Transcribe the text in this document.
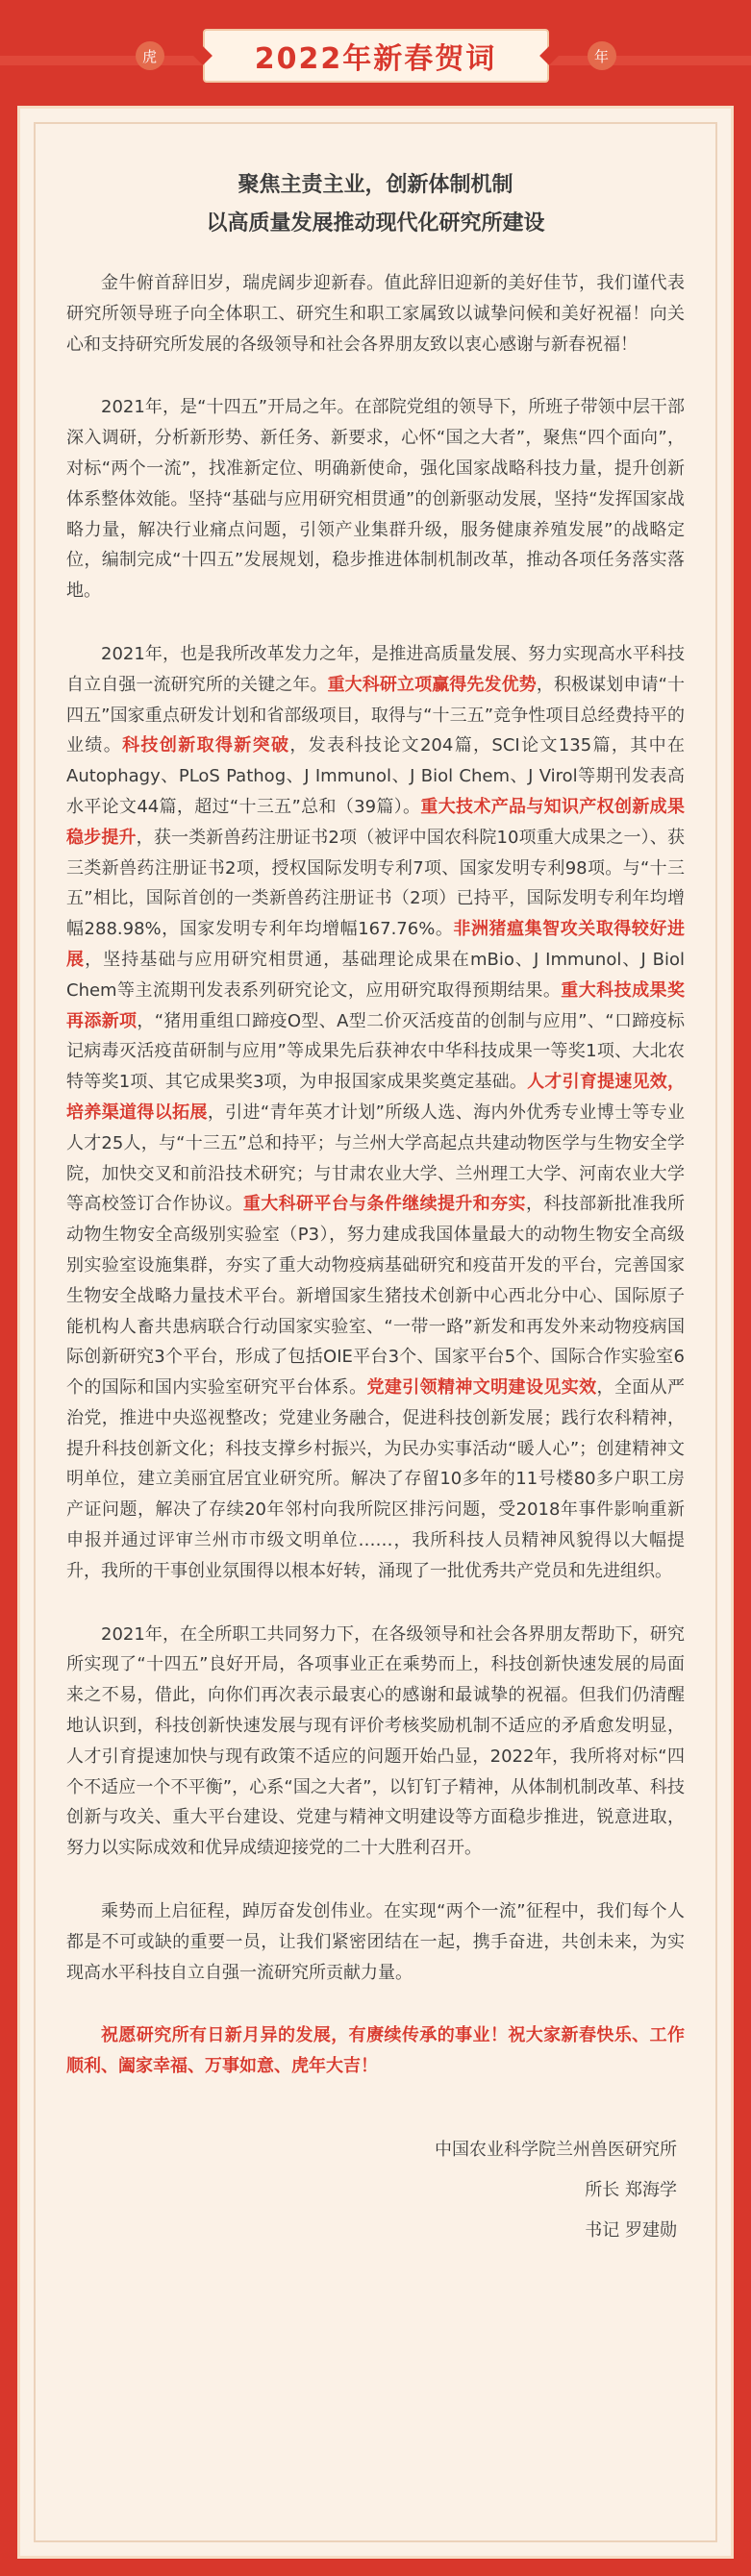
虎	2022年新春贺词	年
聚焦主责主业，创新体制机制
以高质量发展推动现代化研究所建设

金牛俯首辞旧岁，瑞虎阔步迎新春。值此辞旧迎新的美好佳节，我们谨代表研究所领导班子向全体职工、研究生和职工家属致以诚挚问候和美好祝福！向关心和支持研究所发展的各级领导和社会各界朋友致以衷心感谢与新春祝福！

2021年，是“十四五”开局之年。在部院党组的领导下，所班子带领中层干部深入调研，分析新形势、新任务、新要求，心怀“国之大者”，聚焦“四个面向”，对标“两个一流”，找准新定位、明确新使命，强化国家战略科技力量，提升创新体系整体效能。坚持“基础与应用研究相贯通”的创新驱动发展，坚持“发挥国家战略力量，解决行业痛点问题，引领产业集群升级，服务健康养殖发展”的战略定位，编制完成“十四五”发展规划，稳步推进体制机制改革，推动各项任务落实落地。

2021年，也是我所改革发力之年，是推进高质量发展、努力实现高水平科技自立自强一流研究所的关键之年。重大科研立项赢得先发优势，积极谋划申请“十四五”国家重点研发计划和省部级项目，取得与“十三五”竞争性项目总经费持平的业绩。科技创新取得新突破，发表科技论文204篇，SCI论文135篇，其中在Autophagy、PLoS Pathog、J Immunol、J Biol Chem、J Virol等期刊发表高水平论文44篇，超过“十三五”总和（39篇）。重大技术产品与知识产权创新成果稳步提升，获一类新兽药注册证书2项（被评中国农科院10项重大成果之一）、获三类新兽药注册证书2项，授权国际发明专利7项、国家发明专利98项。与“十三五”相比，国际首创的一类新兽药注册证书（2项）已持平，国际发明专利年均增幅288.98%，国家发明专利年均增幅167.76%。非洲猪瘟集智攻关取得较好进展，坚持基础与应用研究相贯通，基础理论成果在mBio、J Immunol、J Biol Chem等主流期刊发表系列研究论文，应用研究取得预期结果。重大科技成果奖再添新项，“猪用重组口蹄疫O型、A型二价灭活疫苗的创制与应用”、“口蹄疫标记病毒灭活疫苗研制与应用”等成果先后获神农中华科技成果一等奖1项、大北农特等奖1项、其它成果奖3项，为申报国家成果奖奠定基础。人才引育提速见效，培养渠道得以拓展，引进“青年英才计划”所级人选、海内外优秀专业博士等专业人才25人，与“十三五”总和持平；与兰州大学高起点共建动物医学与生物安全学院，加快交叉和前沿技术研究；与甘肃农业大学、兰州理工大学、河南农业大学等高校签订合作协议。重大科研平台与条件继续提升和夯实，科技部新批准我所动物生物安全高级别实验室（P3），努力建成我国体量最大的动物生物安全高级别实验室设施集群，夯实了重大动物疫病基础研究和疫苗开发的平台，完善国家生物安全战略力量技术平台。新增国家生猪技术创新中心西北分中心、国际原子能机构人畜共患病联合行动国家实验室、“一带一路”新发和再发外来动物疫病国际创新研究3个平台，形成了包括OIE平台3个、国家平台5个、国际合作实验室6个的国际和国内实验室研究平台体系。党建引领精神文明建设见实效，全面从严治党，推进中央巡视整改；党建业务融合，促进科技创新发展；践行农科精神，提升科技创新文化；科技支撑乡村振兴，为民办实事活动“暖人心”；创建精神文明单位，建立美丽宜居宜业研究所。解决了存留10多年的11号楼80多户职工房产证问题，解决了存续20年邻村向我所院区排污问题，受2018年事件影响重新申报并通过评审兰州市市级文明单位……，我所科技人员精神风貌得以大幅提升，我所的干事创业氛围得以根本好转，涌现了一批优秀共产党员和先进组织。

2021年，在全所职工共同努力下，在各级领导和社会各界朋友帮助下，研究所实现了“十四五”良好开局，各项事业正在乘势而上，科技创新快速发展的局面来之不易，借此，向你们再次表示最衷心的感谢和最诚挚的祝福。但我们仍清醒地认识到，科技创新快速发展与现有评价考核奖励机制不适应的矛盾愈发明显，人才引育提速加快与现有政策不适应的问题开始凸显，2022年，我所将对标“四个不适应一个不平衡”，心系“国之大者”，以钉钉子精神，从体制机制改革、科技创新与攻关、重大平台建设、党建与精神文明建设等方面稳步推进，锐意进取，努力以实际成效和优异成绩迎接党的二十大胜利召开。

乘势而上启征程，踔厉奋发创伟业。在实现“两个一流”征程中，我们每个人都是不可或缺的重要一员，让我们紧密团结在一起，携手奋进，共创未来，为实现高水平科技自立自强一流研究所贡献力量。

祝愿研究所有日新月异的发展，有赓续传承的事业！祝大家新春快乐、工作顺利、阖家幸福、万事如意、虎年大吉！

中国农业科学院兰州兽医研究所
所长 郑海学
书记 罗建勋
